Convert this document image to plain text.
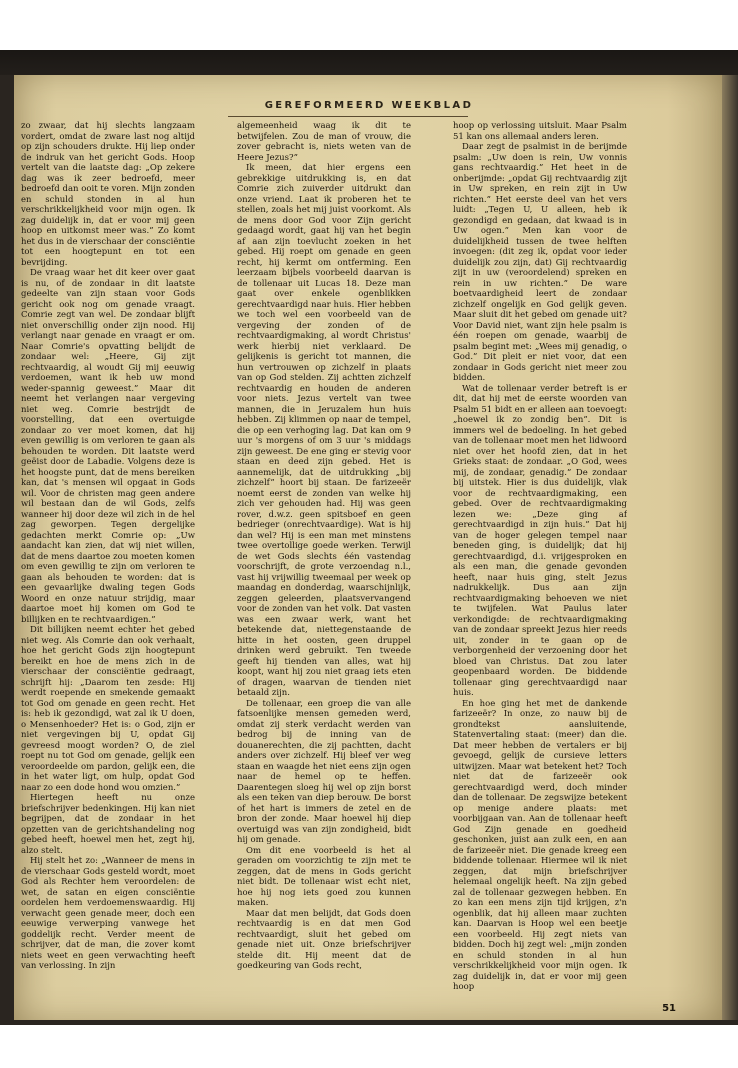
GEREFORMEERD WEEKBLAD

zo zwaar, dat hij slechts langzaam vordert, omdat de zware last nog altijd op zijn schouders drukte. Hij liep onder de indruk van het gericht Gods. Hoop vertelt van die laatste dag: „Op zekere dag was ik zeer bedroefd, meer bedroefd dan ooit te voren. Mijn zonden en schuld stonden in al hun verschrikkelijkheid voor mijn ogen. Ik zag duidelijk in, dat er voor mij geen hoop en uitkomst meer was.” Zo komt het dus in de vierschaar der consciëntie tot een hoogtepunt en tot een bevrijding.

De vraag waar het dit keer over gaat is nu, of de zondaar in dit laatste gedeelte van zijn staan voor Gods gericht ook nog om genade vraagt. Comrie zegt van wel. De zondaar blijft niet onverschillig onder zijn nood. Hij verlangt naar genade en vraagt er om. Naar Comrie's opvatting belijdt de zondaar wel: „Heere, Gij zijt rechtvaardig, al woudt Gij mij eeuwig verdoemen, want ik heb uw mond weder-spannig geweest.” Maar dit neemt het verlangen naar vergeving niet weg. Comrie bestrijdt de voorstelling, dat een overtuigde zondaar zo ver moet komen, dat hij even gewillig is om verloren te gaan als behouden te worden. Dit laatste werd geëist door de Labadie. Volgens deze is het hoogste punt, dat de mens bereiken kan, dat 's mensen wil opgaat in Gods wil. Voor de christen mag geen andere wil bestaan dan de wil Gods, zelfs wanneer hij door deze wil zich in de hel zag geworpen. Tegen dergelijke gedachten merkt Comrie op: „Uw aandacht kan zien, dat wij niet willen, dat de mens daartoe zou moeten komen om even gewillig te zijn om verloren te gaan als behouden te worden: dat is een gevaarlijke dwaling tegen Gods Woord en onze natuur strijdig, maar daartoe moet hij komen om God te billijken en te rechtvaardigen.”

Dit billijken neemt echter het gebed niet weg. Als Comrie dan ook verhaalt, hoe het gericht Gods zijn hoogtepunt bereikt en hoe de mens zich in de vierschaar der consciëntie gedraagt, schrijft hij: „Daarom ten zesde: Hij werdt roepende en smekende gemaakt tot God om genade en geen recht. Het is: heb ik gezondigd, wat zal ik U doen, o Mensenhoeder? Het is: o God, zijn er niet vergevingen bij U, opdat Gij gevreesd moogt worden? O, de ziel roept nu tot God om genade, gelijk een veroordeelde om pardon, gelijk een, die in het water ligt, om hulp, opdat God naar zo een dode hond wou omzien.”

Hiertegen heeft nu onze briefschrijver bedenkingen. Hij kan niet begrijpen, dat de zondaar in het opzetten van de gerichtshandeling nog gebed heeft, hoewel men het, zegt hij, alzo stelt.

Hij stelt het zo: „Wanneer de mens in de vierschaar Gods gesteld wordt, moet God als Rechter hem veroordelen: de wet, de satan en eigen consciëntie oordelen hem verdoemenswaardig. Hij verwacht geen genade meer, doch een eeuwige verwerping vanwege het goddelijk recht. Verder meent de schrijver, dat de man, die zover komt niets weet en geen verwachting heeft van verlossing. In zijn

algemeenheid waag ik dit te betwijfelen. Zou de man of vrouw, die zover gebracht is, niets weten van de Heere Jezus?”

Ik meen, dat hier ergens een gebrekkige uitdrukking is, en dat Comrie zich zuiverder uitdrukt dan onze vriend. Laat ik proberen het te stellen, zoals het mij juist voorkomt. Als de mens door God voor Zijn gericht gedaagd wordt, gaat hij van het begin af aan zijn toevlucht zoeken in het gebed. Hij roept om genade en geen recht, hij kermt om ontferming. Een leerzaam bijbels voorbeeld daarvan is de tollenaar uit Lucas 18. Deze man gaat over enkele ogenblikken gerechtvaardigd naar huis. Hier hebben we toch wel een voorbeeld van de vergeving der zonden of de rechtvaardigmaking, al wordt Christus' werk hierbij niet verklaard. De gelijkenis is gericht tot mannen, die hun vertrouwen op zichzelf in plaats van op God stelden. Zij achtten zichzelf rechtvaardig en houden de anderen voor niets. Jezus vertelt van twee mannen, die in Jeruzalem hun huis hebben. Zij klimmen op naar de tempel, die op een verhoging lag. Dat kan om 9 uur 's morgens of om 3 uur 's middags zijn geweest. De ene ging er stevig voor staan en deed zijn gebed. Het is aannemelijk, dat de uitdrukking „bij zichzelf” hoort bij staan. De farizeeër noemt eerst de zonden van welke hij zich ver gehouden had. Hij was geen rover, d.w.z. geen spitsboef en geen bedrieger (onrechtvaardige). Wat is hij dan wel? Hij is een man met minstens twee overtollige goede werken. Terwijl de wet Gods slechts één vastendag voorschrijft, de grote verzoendag n.l., vast hij vrijwillig tweemaal per week op maandag en donderdag, waarschijnlijk, zeggen geleerden, plaatsvervangend voor de zonden van het volk. Dat vasten was een zwaar werk, want het betekende dat, niettegenstaande de hitte in het oosten, geen druppel drinken werd gebruikt. Ten tweede geeft hij tienden van alles, wat hij koopt, want hij zou niet graag iets eten of dragen, waarvan de tienden niet betaald zijn.

De tollenaar, een groep die van alle fatsoenlijke mensen gemeden werd, omdat zij sterk verdacht werden van bedrog bij de inning van de douanerechten, die zij pachtten, dacht anders over zichzelf. Hij bleef ver weg staan en waagde het niet eens zijn ogen naar de hemel op te heffen. Daarentegen sloeg hij wel op zijn borst als een teken van diep berouw. De borst of het hart is immers de zetel en de bron der zonde. Maar hoewel hij diep overtuigd was van zijn zondigheid, bidt hij om genade.

Om dit ene voorbeeld is het al geraden om voorzichtig te zijn met te zeggen, dat de mens in Gods gericht niet bidt. De tollenaar wist echt niet, hoe hij nog iets goed zou kunnen maken.

Maar dat men belijdt, dat Gods doen rechtvaardig is en dat men God rechtvaardigt, sluit het gebed om genade niet uit. Onze briefschrijver stelde dit. Hij meent dat de goedkeuring van Gods recht,

hoop op verlossing uitsluit. Maar Psalm 51 kan ons allemaal anders leren.

Daar zegt de psalmist in de berijmde psalm: „Uw doen is rein, Uw vonnis gans rechtvaardig.” Het heet in de onberijmde: „opdat Gij rechtvaardig zijt in Uw spreken, en rein zijt in Uw richten.” Het eerste deel van het vers luidt: „Tegen U, U alleen, heb ik gezondigd en gedaan, dat kwaad is in Uw ogen.” Men kan voor de duidelijkheid tussen de twee helften invoegen: (dit zeg ik, opdat voor ieder duidelijk zou zijn, dat) Gij rechtvaardig zijt in uw (veroordelend) spreken en rein in uw richten.” De ware boetvaardigheid leert de zondaar zichzelf ongelijk en God gelijk geven. Maar sluit dit het gebed om genade uit? Voor David niet, want zijn hele psalm is één roepen om genade, waarbij de psalm begint met: „Wees mij genadig, o God.” Dit pleit er niet voor, dat een zondaar in Gods gericht niet meer zou bidden.

Wat de tollenaar verder betreft is er dit, dat hij met de eerste woorden van Psalm 51 bidt en er alleen aan toevoegt: „hoewel ik zo zondig ben”. Dit is immers wel de bedoeling. In het gebed van de tollenaar moet men het lidwoord niet over het hoofd zien, dat in het Grieks staat: de zondaar. „O God, wees mij, de zondaar, genadig.” De zondaar bij uitstek. Hier is dus duidelijk, vlak voor de rechtvaardigmaking, een gebed. Over de rechtvaardigmaking lezen we: „Deze ging af gerechtvaardigd in zijn huis.” Dat hij van de hoger gelegen tempel naar beneden ging, is duidelijk; dat hij gerechtvaardigd, d.i. vrijgesproken en als een man, die genade gevonden heeft, naar huis ging, stelt Jezus nadrukkelijk. Dus aan zijn rechtvaardigmaking behoeven we niet te twijfelen. Wat Paulus later verkondigde: de rechtvaardigmaking van de zondaar spreekt Jezus hier reeds uit, zonder in te gaan op de verborgenheid der verzoening door het bloed van Christus. Dat zou later geopenbaard worden. De biddende tollenaar ging gerechtvaardigd naar huis.

En hoe ging het met de dankende farizeeër? In onze, zo nauw bij de grondtekst aansluitende, Statenvertaling staat: (meer) dan die. Dat meer hebben de vertalers er bij gevoegd, gelijk de cursieve letters uitwijzen. Maar wat betekent het? Toch niet dat de farizeeër ook gerechtvaardigd werd, doch minder dan de tollenaar. De zegswijze betekent op menige andere plaats: met voorbijgaan van. Aan de tollenaar heeft God Zijn genade en goedheid geschonken, juist aan zulk een, en aan de farizeeër niet. Die genade kreeg een biddende tollenaar. Hiermee wil ik niet zeggen, dat mijn briefschrijver helemaal ongelijk heeft. Na zijn gebed zal de tollenaar gezwegen hebben. En zo kan een mens zijn tijd krijgen, z'n ogenblik, dat hij alleen maar zuchten kan. Daarvan is Hoop wel een beetje een voorbeeld. Hij zegt niets van bidden. Doch hij zegt wel: „mijn zonden en schuld stonden in al hun verschrikkelijkheid voor mijn ogen. Ik zag duidelijk in, dat er voor mij geen hoop

51
